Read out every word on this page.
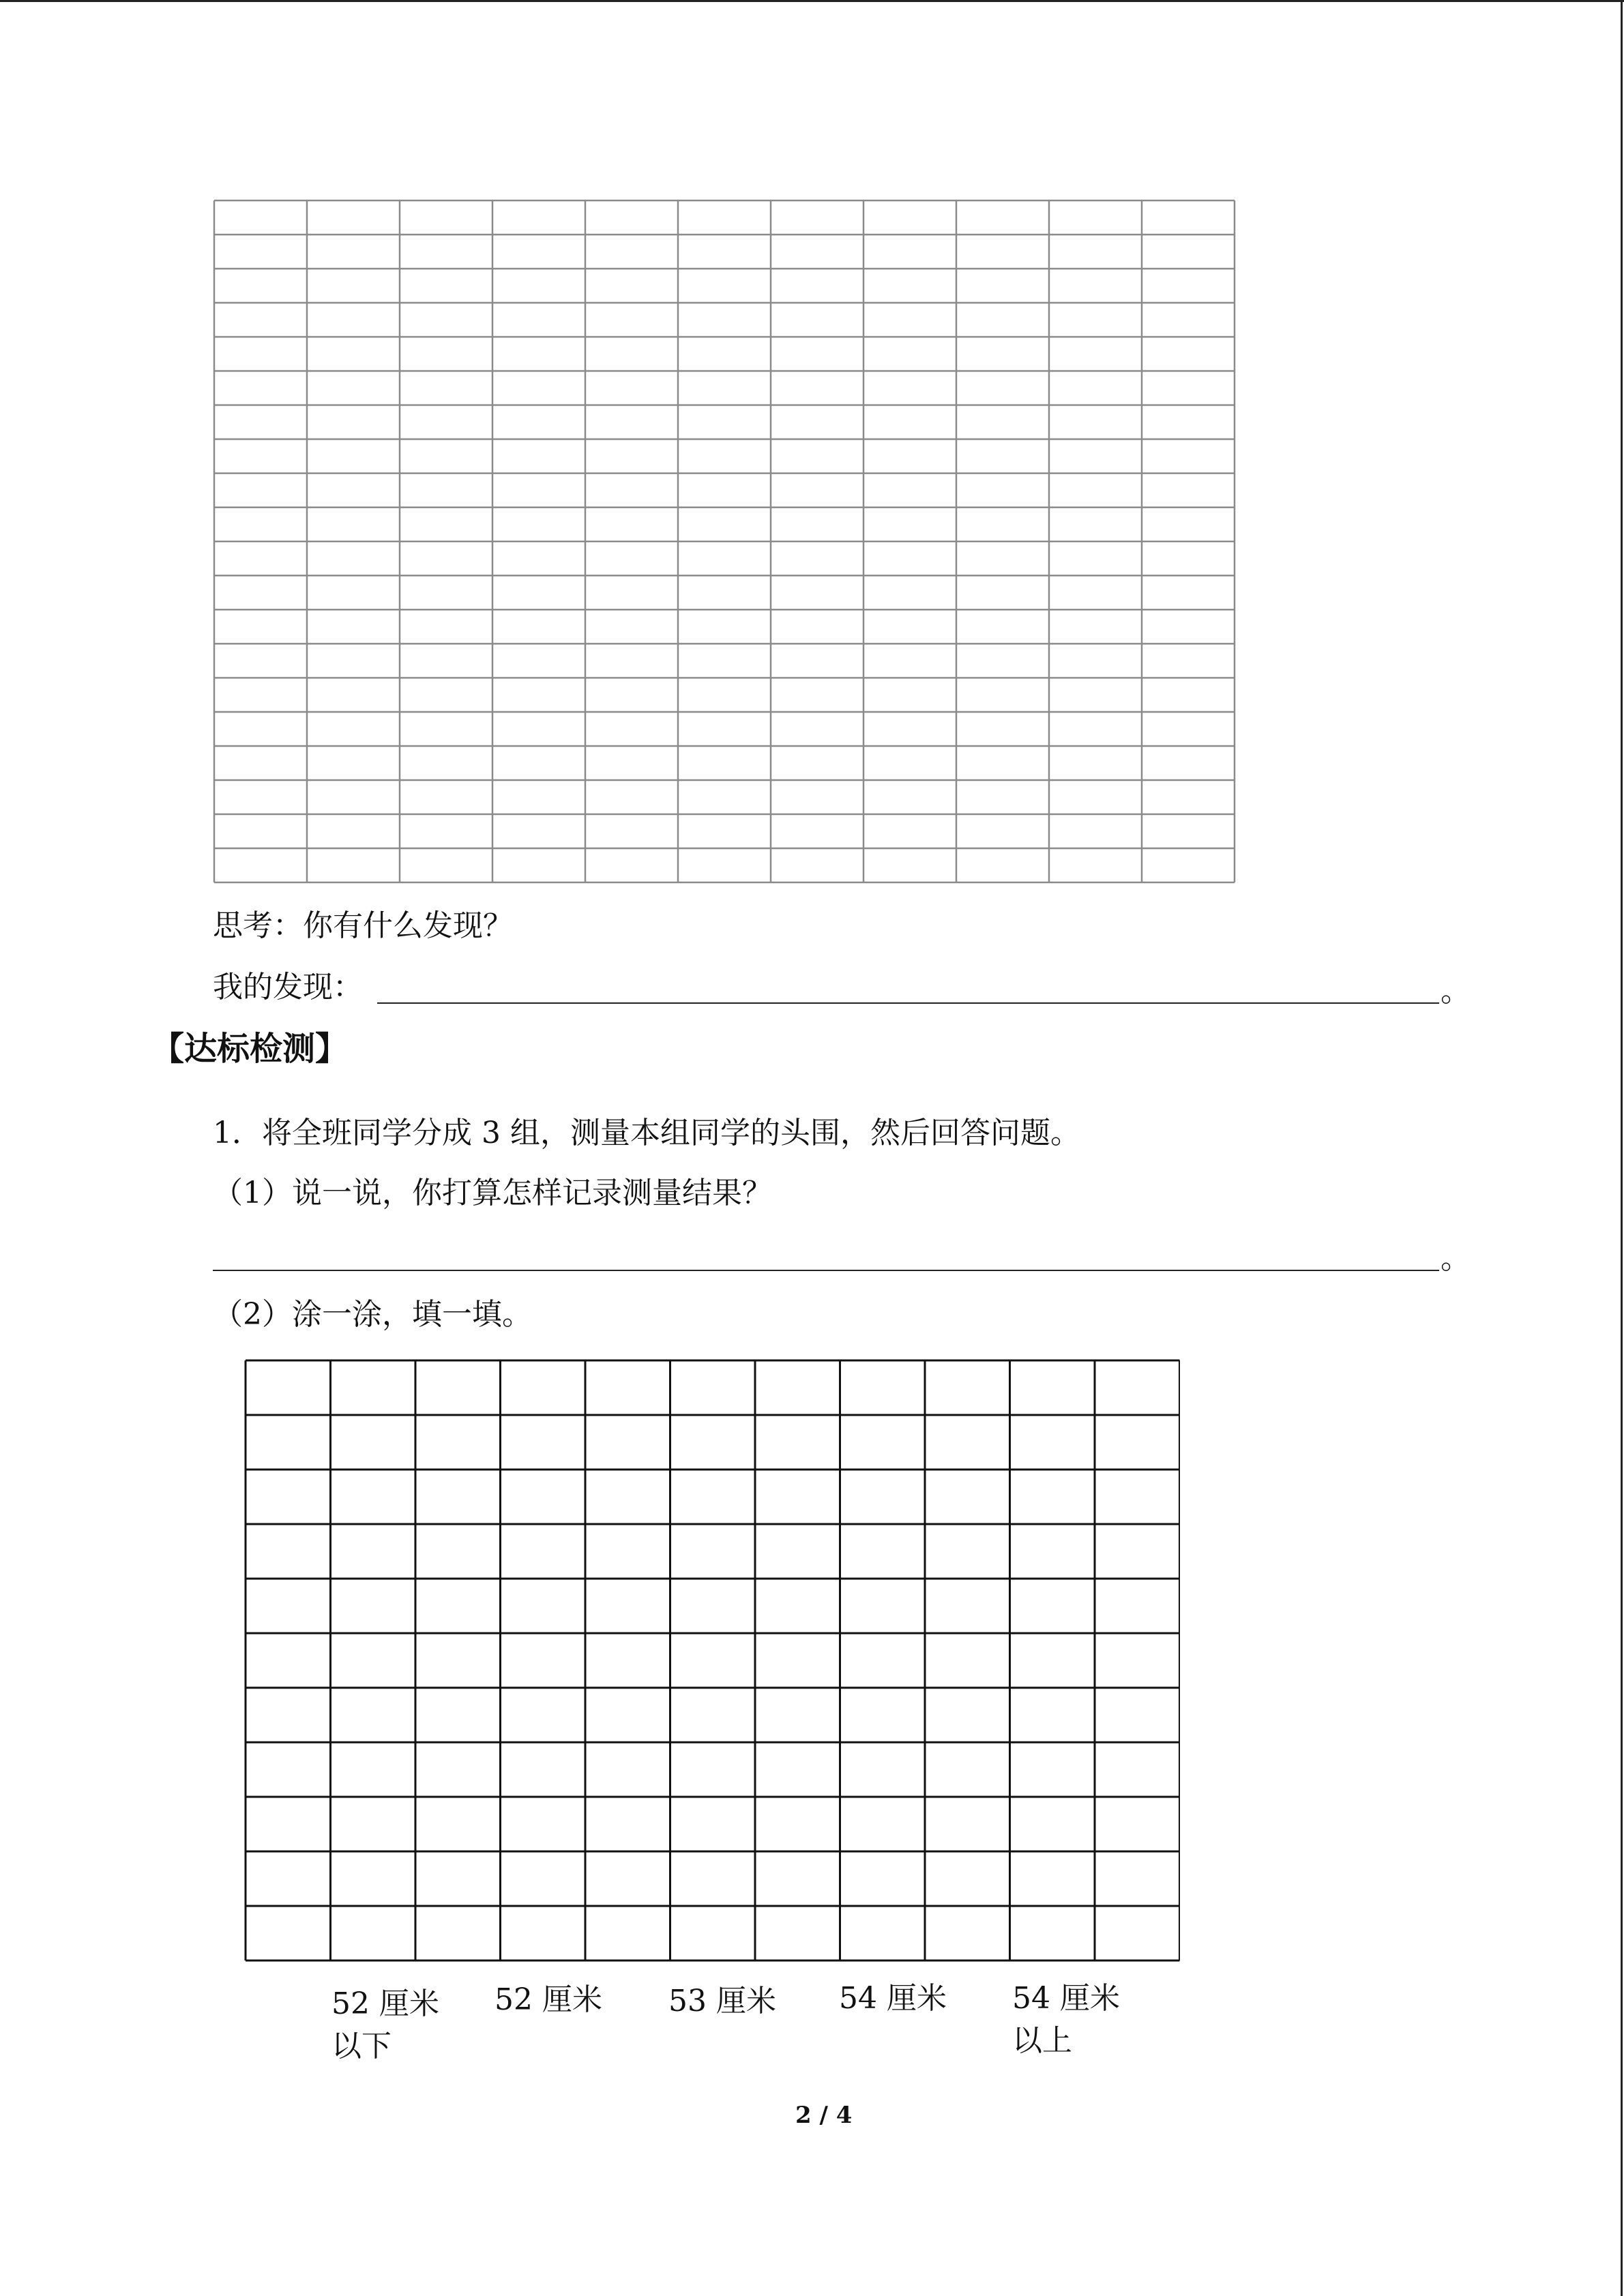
思考：你有什么发现？
我的发现：	。
【达标检测】
1．将全班同学分成 3 组，测量本组同学的头围，然后回答问题。
（1）说一说，你打算怎样记录测量结果？
。
（2）涂一涂，填一填。
52 厘米
以下
52 厘米 53 厘米 54 厘米 54 厘米
以上
2 / 4
